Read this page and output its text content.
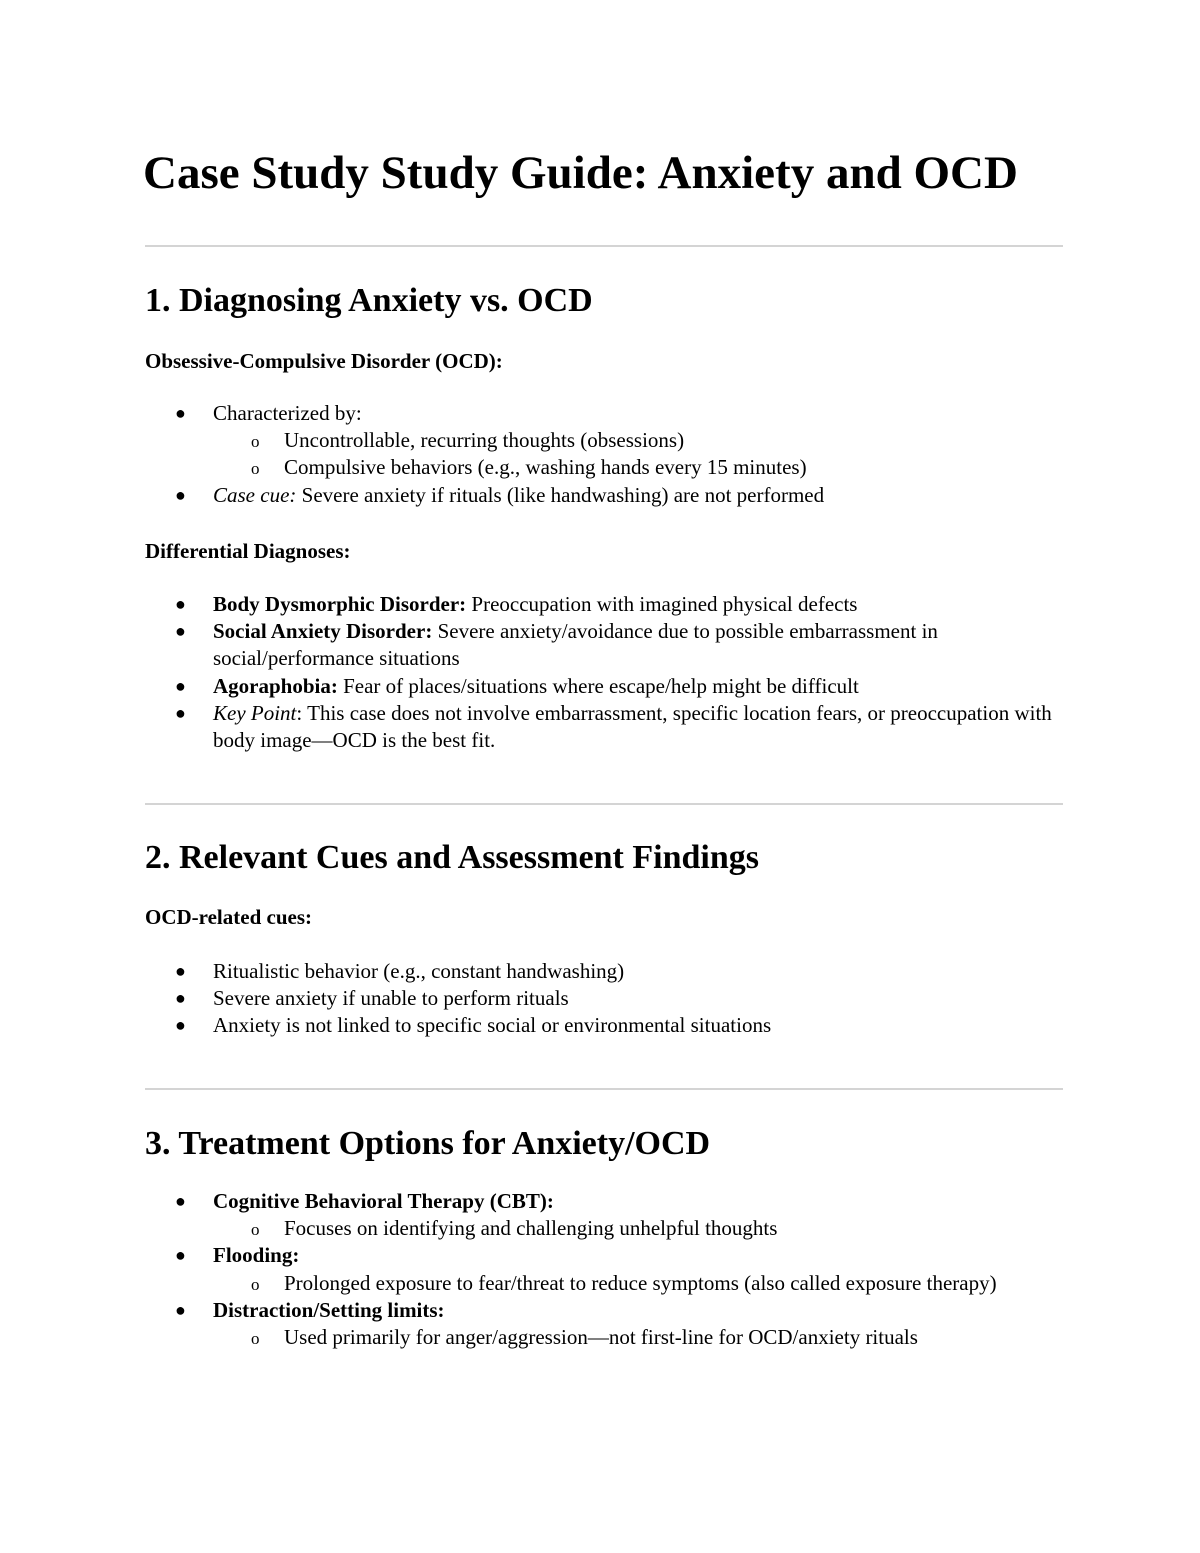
Case Study Study Guide: Anxiety and OCD
1. Diagnosing Anxiety vs. OCD
Obsessive-Compulsive Disorder (OCD):
● Characterized by:
o Uncontrollable, recurring thoughts (obsessions)
o Compulsive behaviors (e.g., washing hands every 15 minutes)
● Case cue: Severe anxiety if rituals (like handwashing) are not performed
Differential Diagnoses:
● Body Dysmorphic Disorder: Preoccupation with imagined physical defects
● Social Anxiety Disorder: Severe anxiety/avoidance due to possible embarrassment in social/performance situations
● Agoraphobia: Fear of places/situations where escape/help might be difficult
● Key Point: This case does not involve embarrassment, specific location fears, or preoccupation with body image—OCD is the best fit.
2. Relevant Cues and Assessment Findings
OCD-related cues:
● Ritualistic behavior (e.g., constant handwashing)
● Severe anxiety if unable to perform rituals
● Anxiety is not linked to specific social or environmental situations
3. Treatment Options for Anxiety/OCD
● Cognitive Behavioral Therapy (CBT):
o Focuses on identifying and challenging unhelpful thoughts
● Flooding:
o Prolonged exposure to fear/threat to reduce symptoms (also called exposure therapy)
● Distraction/Setting limits:
o Used primarily for anger/aggression—not first-line for OCD/anxiety rituals
